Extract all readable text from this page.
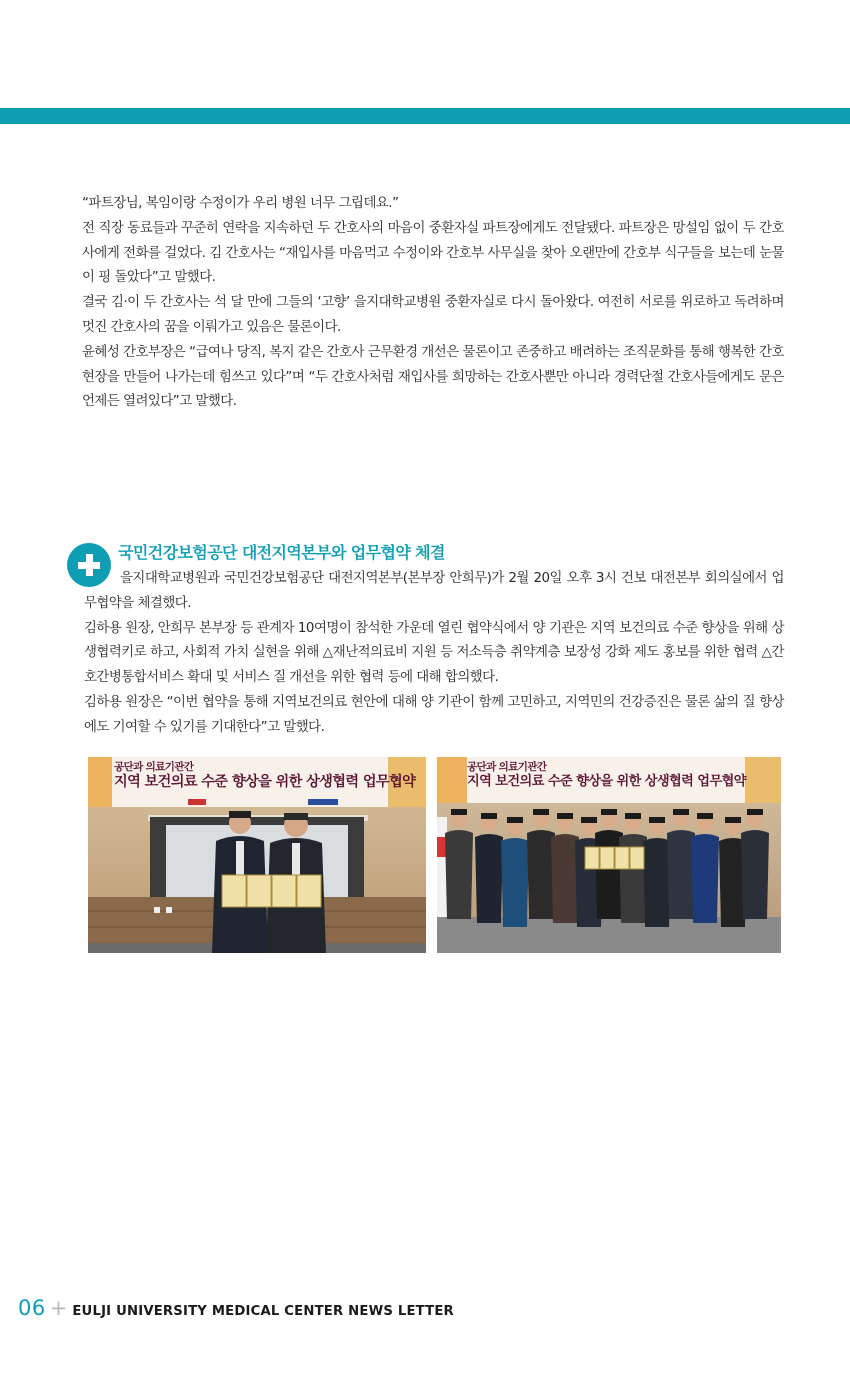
“파트장님, 복임이랑 수정이가 우리 병원 너무 그립데요.”

전 직장 동료들과 꾸준히 연락을 지속하던 두 간호사의 마음이 중환자실 파트장에게도 전달됐다. 파트장은 망설임 없이 두 간호사에게 전화를 걸었다. 김 간호사는 “재입사를 마음먹고 수정이와 간호부 사무실을 찾아 오랜만에 간호부 식구들을 보는데 눈물이 핑 돌았다”고 말했다.

결국 김·이 두 간호사는 석 달 만에 그들의 ‘고향’ 을지대학교병원 중환자실로 다시 돌아왔다. 여전히 서로를 위로하고 독려하며 멋진 간호사의 꿈을 이뤄가고 있음은 물론이다.

윤혜성 간호부장은 “급여나 당직, 복지 같은 간호사 근무환경 개선은 물론이고 존중하고 배려하는 조직문화를 통해 행복한 간호현장을 만들어 나가는데 힘쓰고 있다”며 “두 간호사처럼 재입사를 희망하는 간호사뿐만 아니라 경력단절 간호사들에게도 문은 언제든 열려있다”고 말했다.

국민건강보험공단 대전지역본부와 업무협약 체결

을지대학교병원과 국민건강보험공단 대전지역본부(본부장 안희무)가 2월 20일 오후 3시 건보 대전본부 회의실에서 업무협약을 체결했다.

김하용 원장, 안희무 본부장 등 관계자 10여명이 참석한 가운데 열린 협약식에서 양 기관은 지역 보건의료 수준 향상을 위해 상생협력키로 하고, 사회적 가치 실현을 위해 △재난적의료비 지원 등 저소득층 취약계층 보장성 강화 제도 홍보를 위한 협력 △간호간병통합서비스 확대 및 서비스 질 개선을 위한 협력 등에 대해 합의했다.

김하용 원장은 “이번 협약을 통해 지역보건의료 현안에 대해 양 기관이 함께 고민하고, 지역민의 건강증진은 물론 삶의 질 향상에도 기여할 수 있기를 기대한다”고 말했다.

공단과 의료기관간
지역 보건의료 수준 향상을 위한 상생협력 업무협약
공단과 의료기관간
지역 보건의료 수준 향상을 위한 상생협력 업무협약
06 + EULJI UNIVERSITY MEDICAL CENTER NEWS LETTER
